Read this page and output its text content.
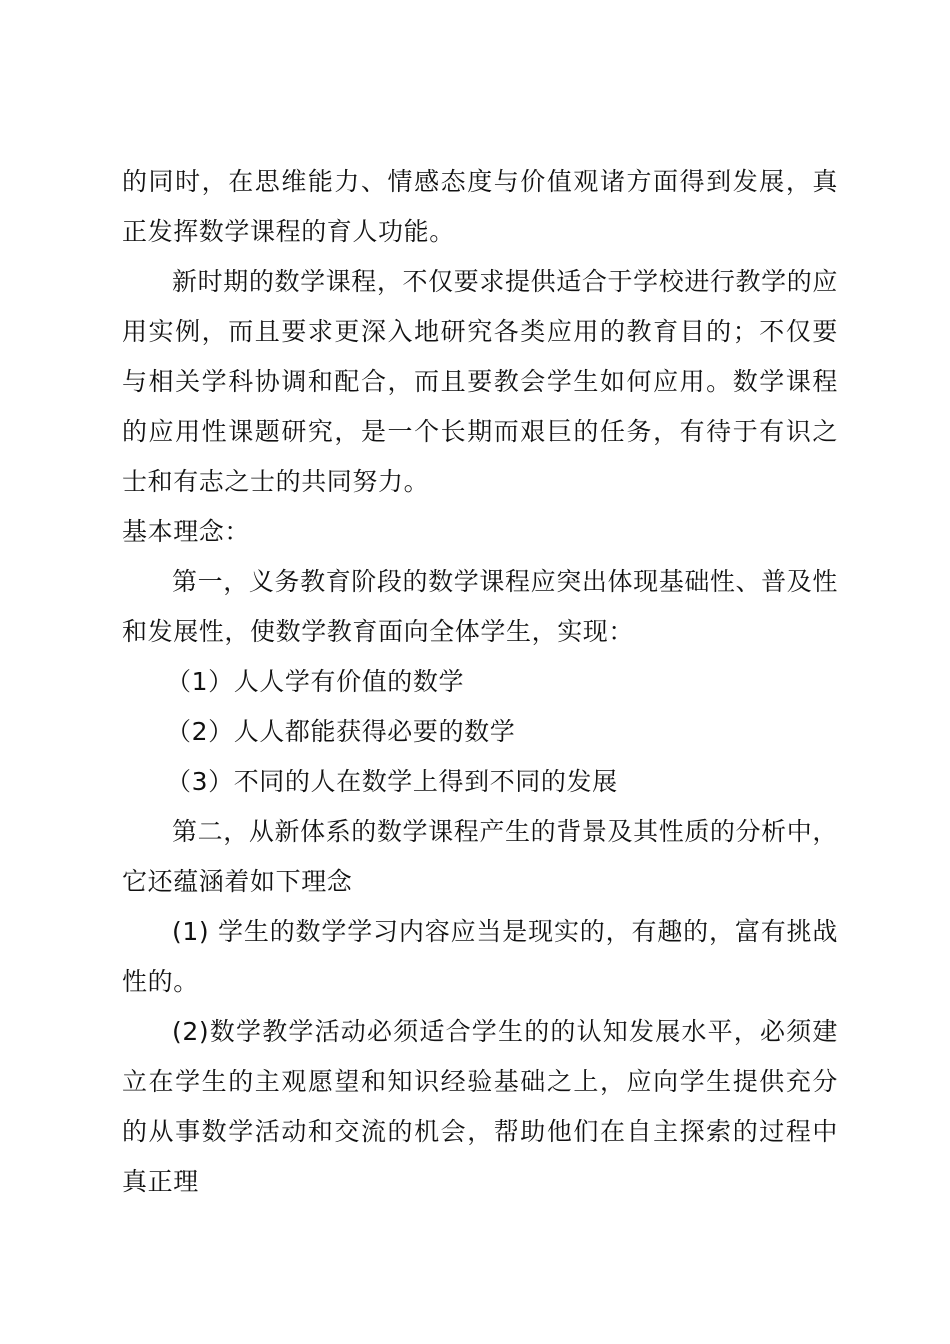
的同时，在思维能力、情感态度与价值观诸方面得到发展，真正发挥数学课程的育人功能。

新时期的数学课程，不仅要求提供适合于学校进行教学的应用实例，而且要求更深入地研究各类应用的教育目的；不仅要与相关学科协调和配合，而且要教会学生如何应用。数学课程的应用性课题研究，是一个长期而艰巨的任务，有待于有识之士和有志之士的共同努力。

基本理念：

第一，义务教育阶段的数学课程应突出体现基础性、普及性和发展性，使数学教育面向全体学生，实现：

（1）人人学有价值的数学

（2）人人都能获得必要的数学

（3）不同的人在数学上得到不同的发展

第二，从新体系的数学课程产生的背景及其性质的分析中，它还蕴涵着如下理念

(1) 学生的数学学习内容应当是现实的，有趣的，富有挑战性的。

(2)数学教学活动必须适合学生的的认知发展水平，必须建立在学生的主观愿望和知识经验基础之上，应向学生提供充分的从事数学活动和交流的机会，帮助他们在自主探索的过程中真正理
